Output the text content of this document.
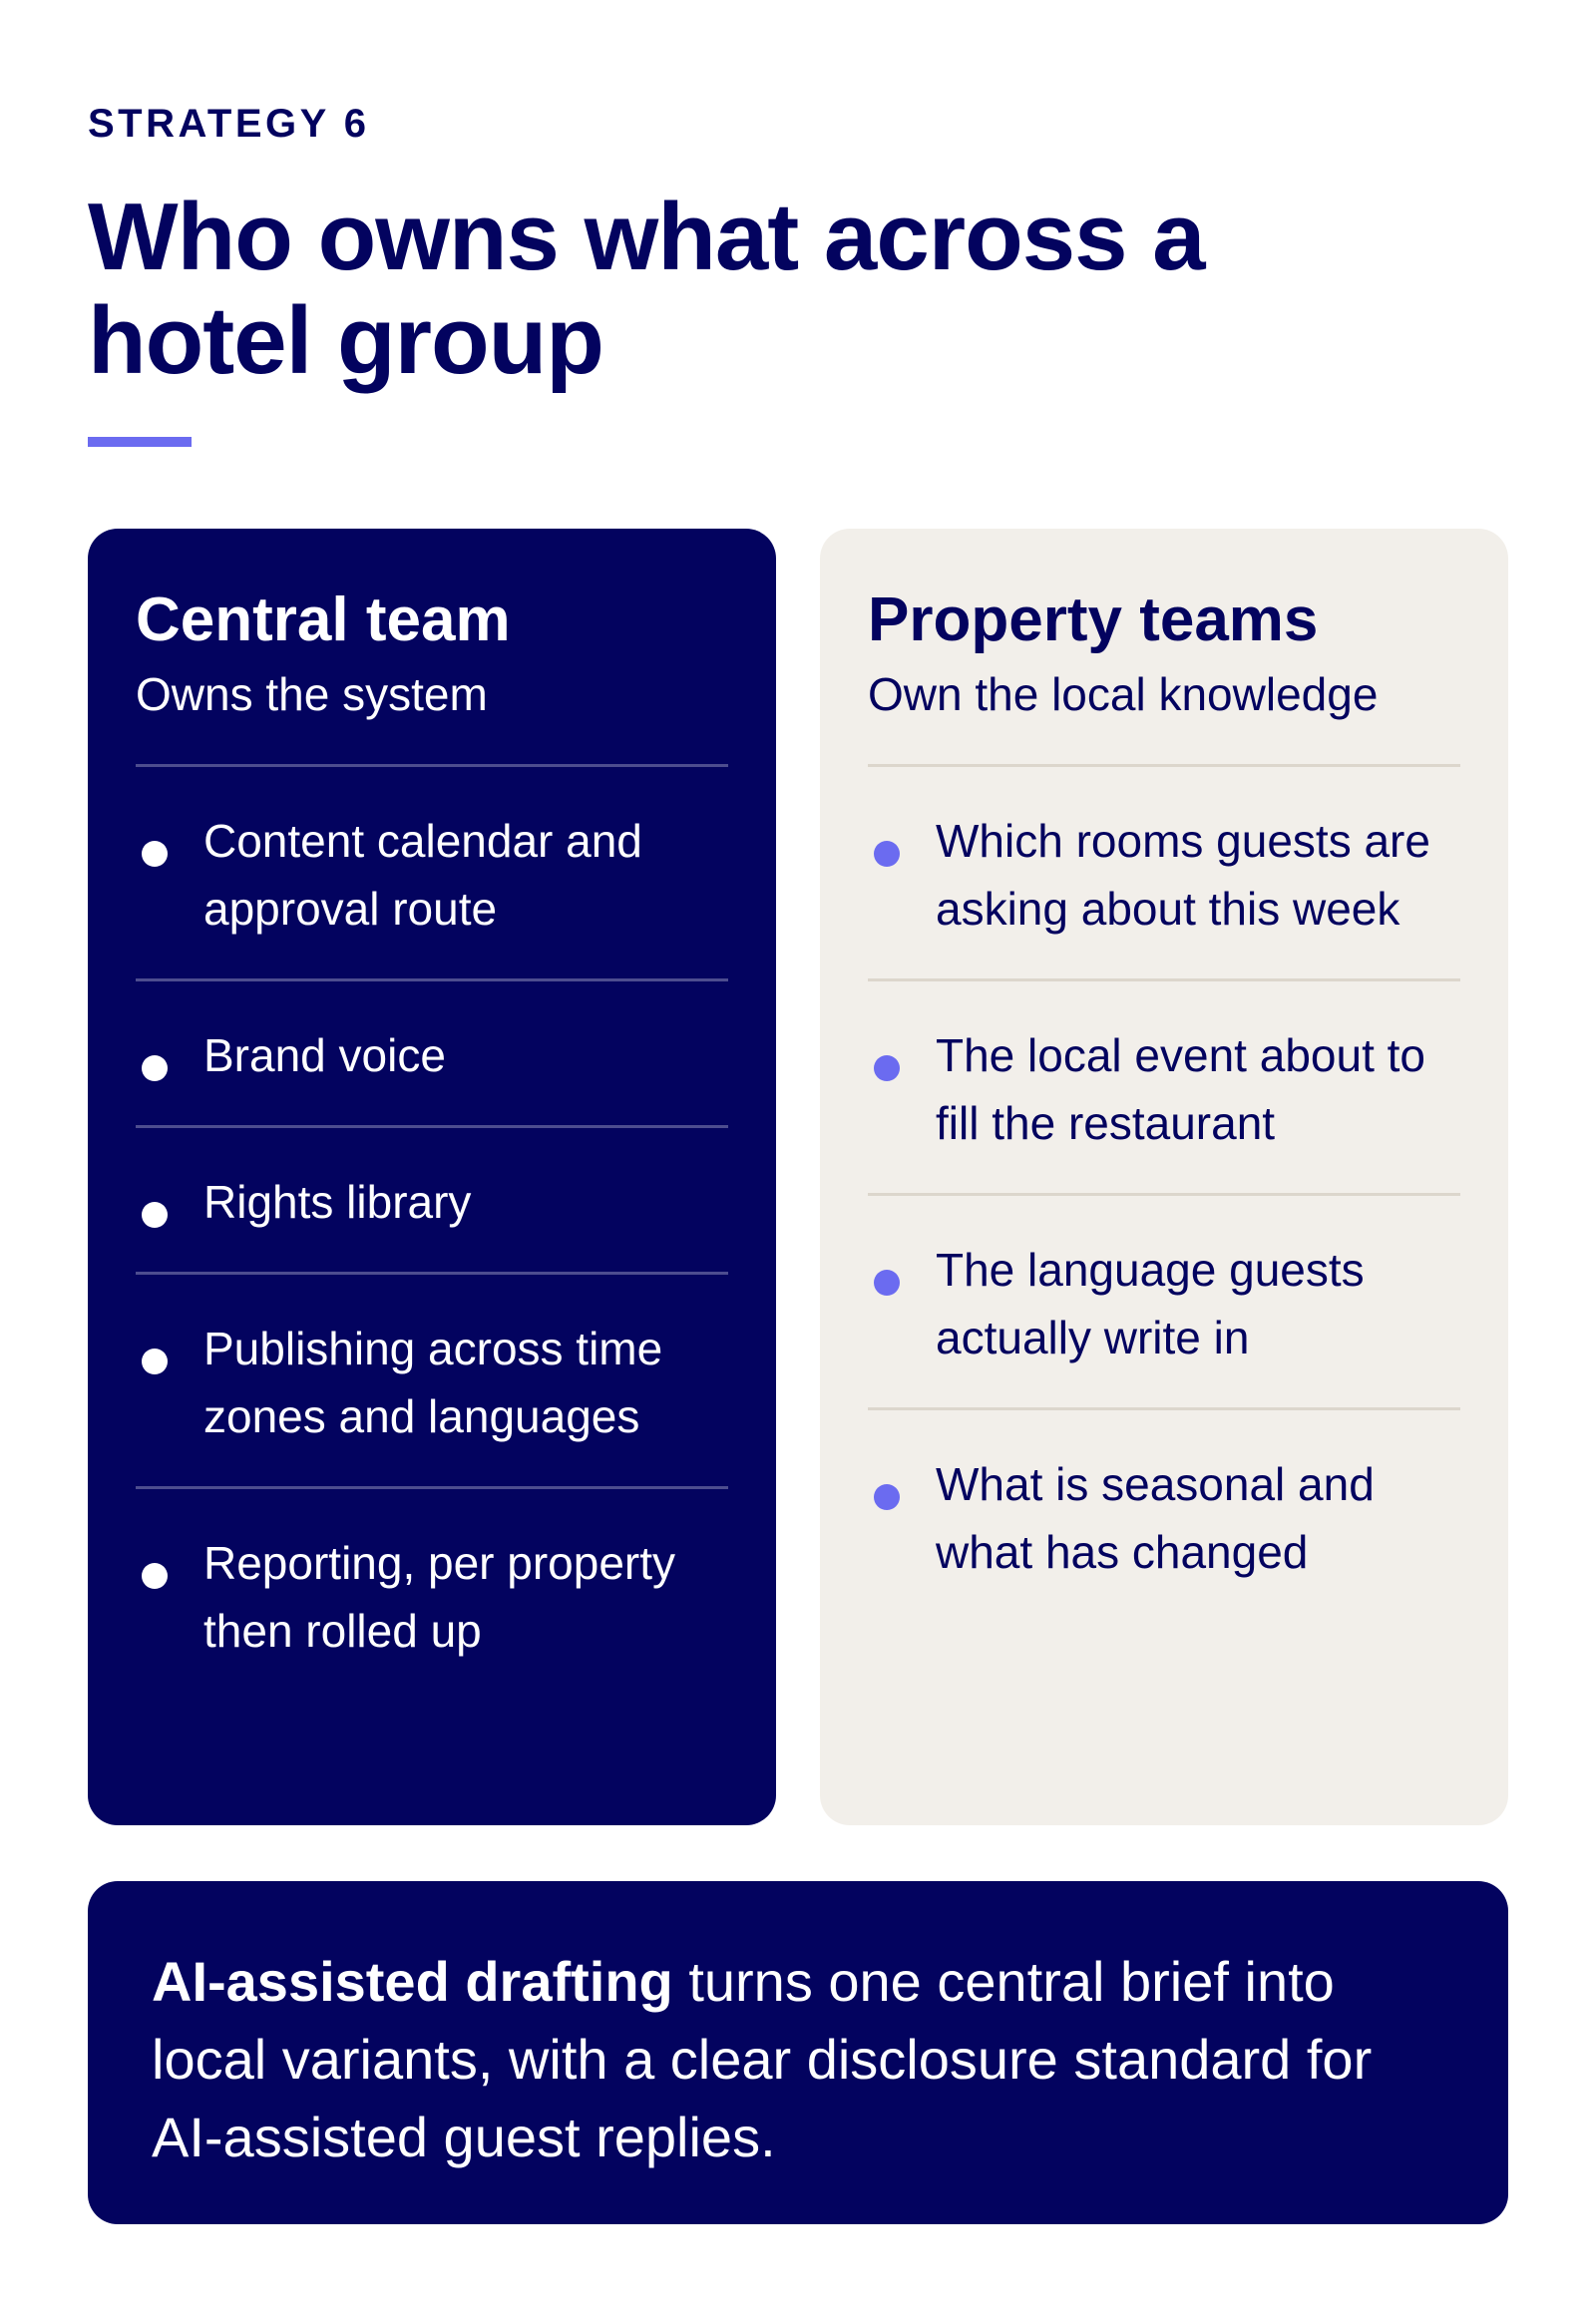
STRATEGY 6
Who owns what across a hotel group
Central team
Owns the system
Content calendar and approval route
Brand voice
Rights library
Publishing across time zones and languages
Reporting, per property then rolled up
Property teams
Own the local knowledge
Which rooms guests are asking about this week
The local event about to fill the restaurant
The language guests actually write in
What is seasonal and what has changed

AI-assisted drafting turns one central brief into local variants, with a clear disclosure standard for AI-assisted guest replies.
